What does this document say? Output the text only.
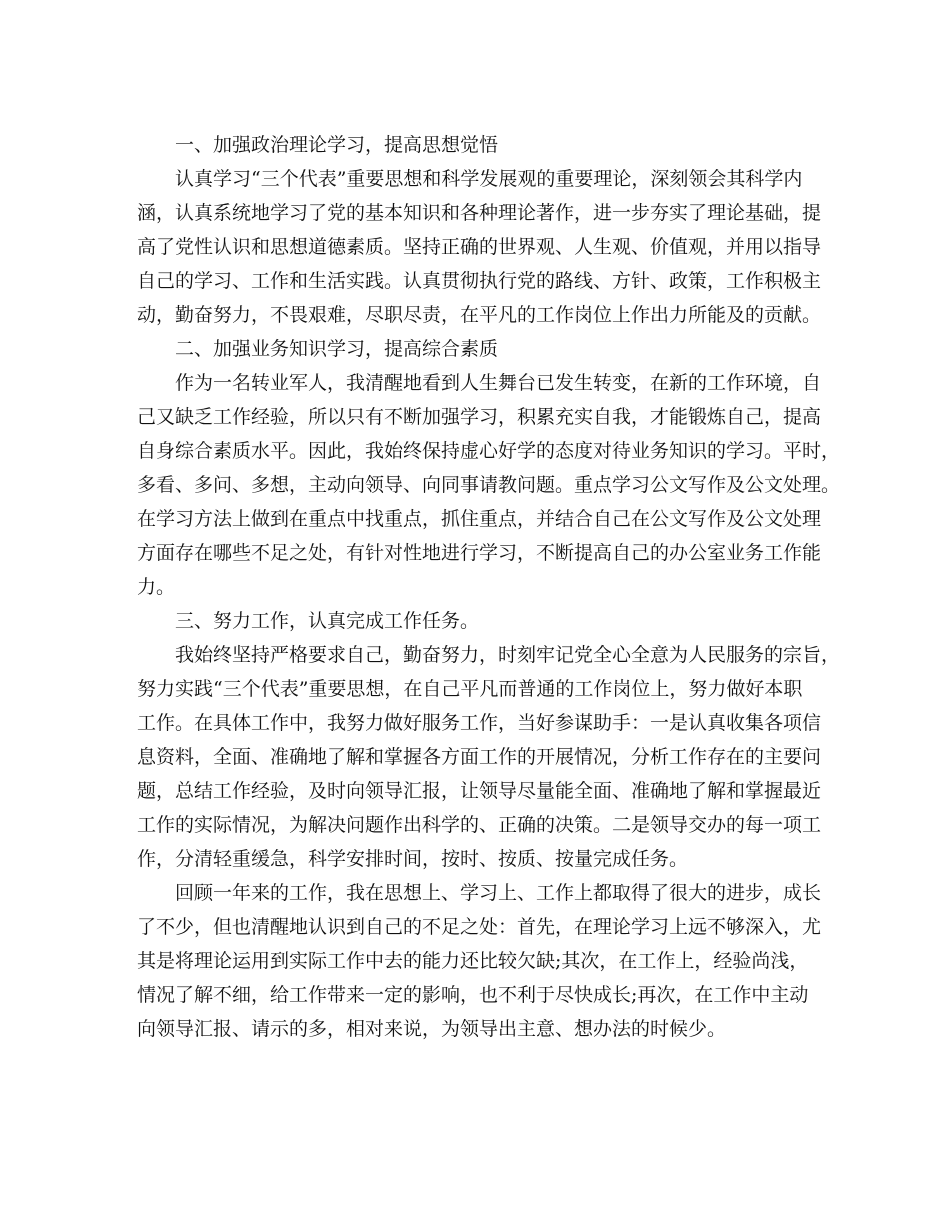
一、加强政治理论学习，提高思想觉悟
认真学习“三个代表”重要思想和科学发展观的重要理论，深刻领会其科学内
涵，认真系统地学习了党的基本知识和各种理论著作，进一步夯实了理论基础，提
高了党性认识和思想道德素质。坚持正确的世界观、人生观、价值观，并用以指导
自己的学习、工作和生活实践。认真贯彻执行党的路线、方针、政策，工作积极主
动，勤奋努力，不畏艰难，尽职尽责，在平凡的工作岗位上作出力所能及的贡献。
二、加强业务知识学习，提高综合素质
作为一名转业军人，我清醒地看到人生舞台已发生转变，在新的工作环境，自
己又缺乏工作经验，所以只有不断加强学习，积累充实自我，才能锻炼自己，提高
自身综合素质水平。因此，我始终保持虚心好学的态度对待业务知识的学习。平时，
多看、多问、多想，主动向领导、向同事请教问题。重点学习公文写作及公文处理。
在学习方法上做到在重点中找重点，抓住重点，并结合自己在公文写作及公文处理
方面存在哪些不足之处，有针对性地进行学习，不断提高自己的办公室业务工作能
力。
三、努力工作，认真完成工作任务。
我始终坚持严格要求自己，勤奋努力，时刻牢记党全心全意为人民服务的宗旨，
努力实践“三个代表”重要思想，在自己平凡而普通的工作岗位上，努力做好本职
工作。在具体工作中，我努力做好服务工作，当好参谋助手：一是认真收集各项信
息资料，全面、准确地了解和掌握各方面工作的开展情况，分析工作存在的主要问
题，总结工作经验，及时向领导汇报，让领导尽量能全面、准确地了解和掌握最近
工作的实际情况，为解决问题作出科学的、正确的决策。二是领导交办的每一项工
作，分清轻重缓急，科学安排时间，按时、按质、按量完成任务。
回顾一年来的工作，我在思想上、学习上、工作上都取得了很大的进步，成长
了不少，但也清醒地认识到自己的不足之处：首先，在理论学习上远不够深入，尤
其是将理论运用到实际工作中去的能力还比较欠缺;其次，在工作上，经验尚浅，
情况了解不细，给工作带来一定的影响，也不利于尽快成长;再次，在工作中主动
向领导汇报、请示的多，相对来说，为领导出主意、想办法的时候少。
